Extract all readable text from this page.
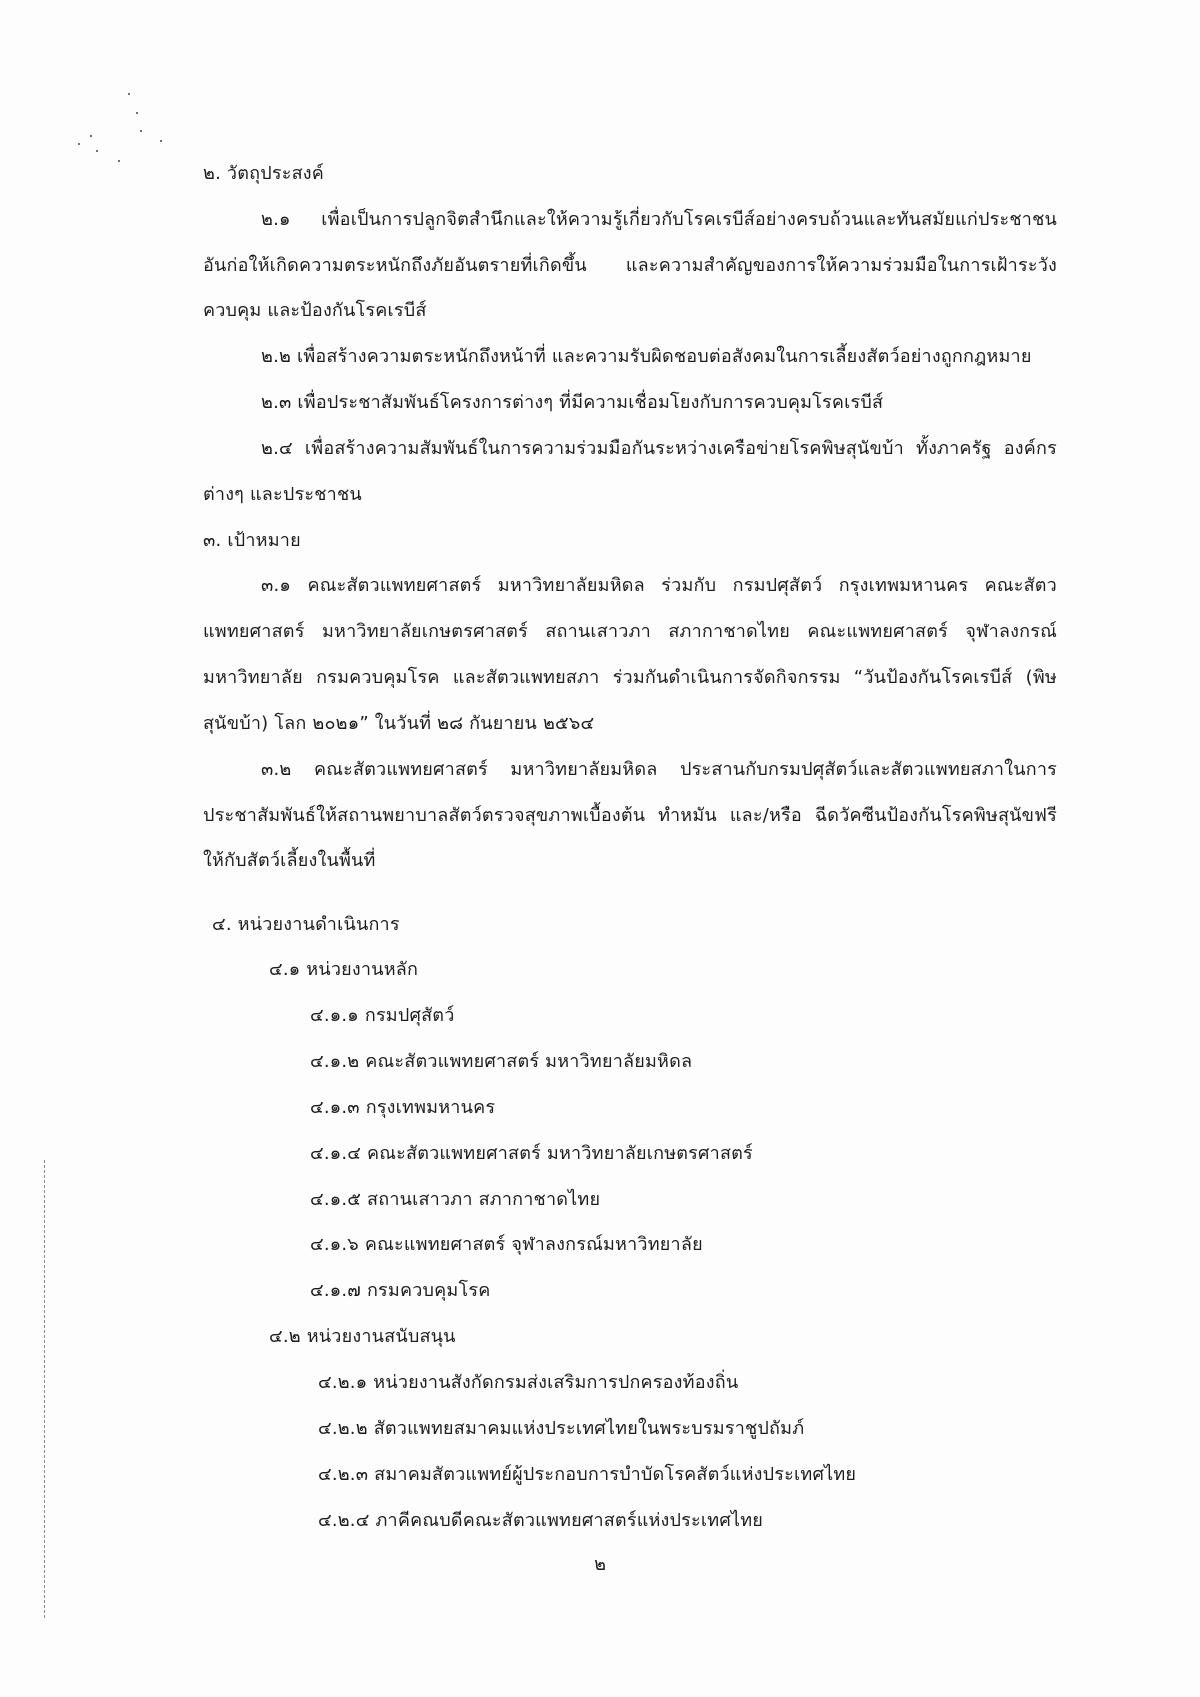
๒. วัตถุประสงค์
๒.๑ เพื่อเป็นการปลูกจิตสำนึกและให้ความรู้เกี่ยวกับโรคเรบีส์อย่างครบถ้วนและทันสมัยแก่ประชาชน
อันก่อให้เกิดความตระหนักถึงภัยอันตรายที่เกิดขึ้น และความสำคัญของการให้ความร่วมมือในการเฝ้าระวัง
ควบคุม และป้องกันโรคเรบีส์
๒.๒ เพื่อสร้างความตระหนักถึงหน้าที่ และความรับผิดชอบต่อสังคมในการเลี้ยงสัตว์อย่างถูกกฎหมาย
๒.๓ เพื่อประชาสัมพันธ์โครงการต่างๆ ที่มีความเชื่อมโยงกับการควบคุมโรคเรบีส์
๒.๔ เพื่อสร้างความสัมพันธ์ในการความร่วมมือกันระหว่างเครือข่ายโรคพิษสุนัขบ้า ทั้งภาครัฐ องค์กร
ต่างๆ และประชาชน
๓. เป้าหมาย
๓.๑ คณะสัตวแพทยศาสตร์ มหาวิทยาลัยมหิดล ร่วมกับ กรมปศุสัตว์ กรุงเทพมหานคร คณะสัตว
แพทยศาสตร์ มหาวิทยาลัยเกษตรศาสตร์ สถานเสาวภา สภากาชาดไทย คณะแพทยศาสตร์ จุฬาลงกรณ์
มหาวิทยาลัย กรมควบคุมโรค และสัตวแพทยสภา ร่วมกันดำเนินการจัดกิจกรรม “วันป้องกันโรคเรบีส์ (พิษ
สุนัขบ้า) โลก ๒๐๒๑” ในวันที่ ๒๘ กันยายน ๒๕๖๔
๓.๒ คณะสัตวแพทยศาสตร์ มหาวิทยาลัยมหิดล ประสานกับกรมปศุสัตว์และสัตวแพทยสภาในการ
ประชาสัมพันธ์ให้สถานพยาบาลสัตว์ตรวจสุขภาพเบื้องต้น ทำหมัน และ/หรือ ฉีดวัคซีนป้องกันโรคพิษสุนัขฟรี
ให้กับสัตว์เลี้ยงในพื้นที่
๔. หน่วยงานดำเนินการ
๔.๑ หน่วยงานหลัก
๔.๑.๑ กรมปศุสัตว์
๔.๑.๒ คณะสัตวแพทยศาสตร์ มหาวิทยาลัยมหิดล
๔.๑.๓ กรุงเทพมหานคร
๔.๑.๔ คณะสัตวแพทยศาสตร์ มหาวิทยาลัยเกษตรศาสตร์
๔.๑.๕ สถานเสาวภา สภากาชาดไทย
๔.๑.๖ คณะแพทยศาสตร์ จุฬาลงกรณ์มหาวิทยาลัย
๔.๑.๗ กรมควบคุมโรค
๔.๒ หน่วยงานสนับสนุน
๔.๒.๑ หน่วยงานสังกัดกรมส่งเสริมการปกครองท้องถิ่น
๔.๒.๒ สัตวแพทยสมาคมแห่งประเทศไทยในพระบรมราชูปถัมภ์
๔.๒.๓ สมาคมสัตวแพทย์ผู้ประกอบการบำบัดโรคสัตว์แห่งประเทศไทย
๔.๒.๔ ภาคีคณบดีคณะสัตวแพทยศาสตร์แห่งประเทศไทย
๒
